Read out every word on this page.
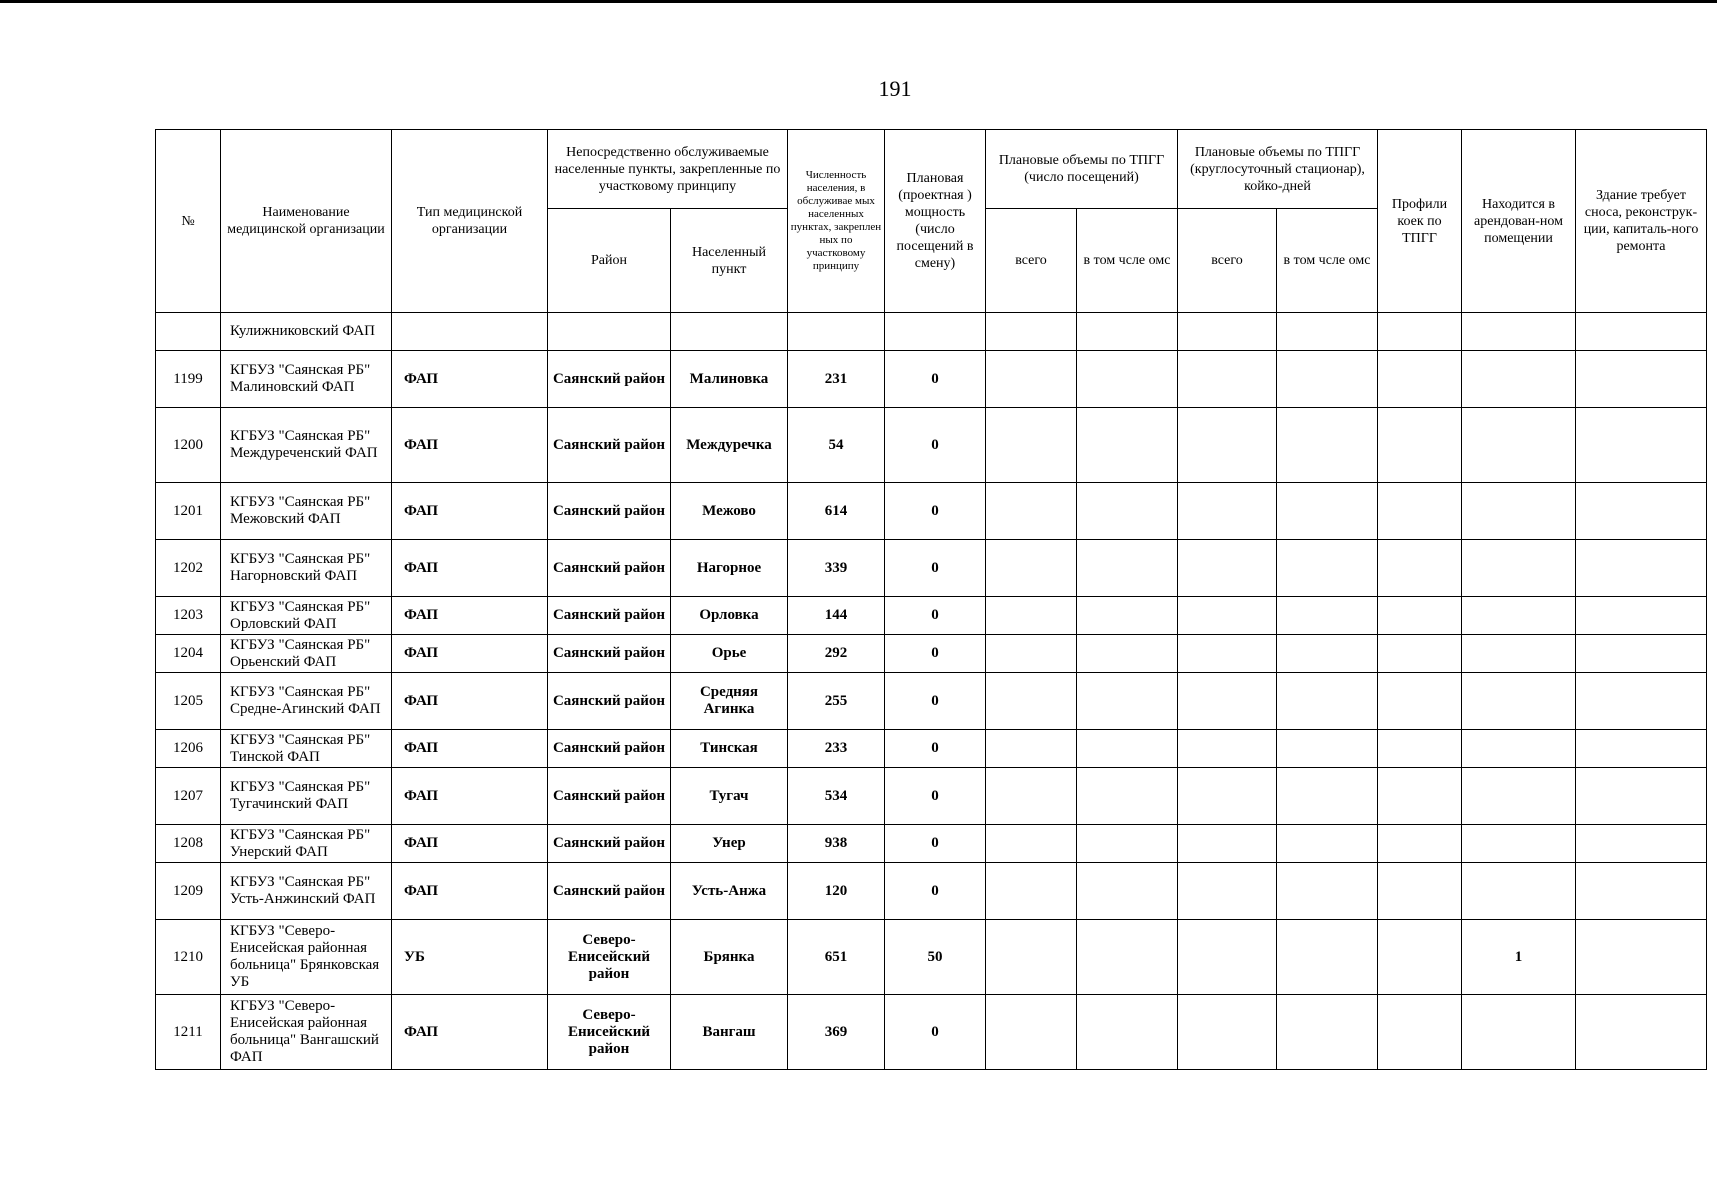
191
№	Наименование медицинской организации	Тип медицинской организации	Непосредственно обслуживаемые населенные пункты, закрепленные по участковому принципу		Численность населения, в обслуживае мых населенных пунктах, закреплен ных по участковому принципу	Плановая (проектная ) мощность (число посещений в смену)	Плановые объемы по ТПГГ (число посещений)		Плановые объемы по ТПГГ (круглосуточный стационар), койко-дней		Профили коек по ТПГГ	Находится в арендован-ном помещении	Здание требует сноса, реконструк-ции, капиталь-ного ремонта
			Район	Населенный пункт			всего	в том чсле омс	всего	в том чсле омс			
	Кулижниковский ФАП												
1199	КГБУЗ "Саянская РБ" Малиновский ФАП	ФАП	Саянский район	Малиновка	231	0							
1200	КГБУЗ "Саянская РБ" Междуреченский ФАП	ФАП	Саянский район	Междуречка	54	0							
1201	КГБУЗ "Саянская РБ" Межовский ФАП	ФАП	Саянский район	Межово	614	0							
1202	КГБУЗ "Саянская РБ" Нагорновский ФАП	ФАП	Саянский район	Нагорное	339	0							
1203	КГБУЗ "Саянская РБ" Орловский ФАП	ФАП	Саянский район	Орловка	144	0							
1204	КГБУЗ "Саянская РБ" Орьенский ФАП	ФАП	Саянский район	Орье	292	0							
1205	КГБУЗ "Саянская РБ" Средне-Агинский ФАП	ФАП	Саянский район	Средняя Агинка	255	0							
1206	КГБУЗ "Саянская РБ" Тинской ФАП	ФАП	Саянский район	Тинская	233	0							
1207	КГБУЗ "Саянская РБ" Тугачинский ФАП	ФАП	Саянский район	Тугач	534	0							
1208	КГБУЗ "Саянская РБ" Унерский ФАП	ФАП	Саянский район	Унер	938	0							
1209	КГБУЗ "Саянская РБ" Усть-Анжинский ФАП	ФАП	Саянский район	Усть-Анжа	120	0							
1210	КГБУЗ "Северо-Енисейская районная больница" Брянковская УБ	УБ	Северо-Енисейский район	Брянка	651	50						1	
1211	КГБУЗ "Северо-Енисейская районная больница" Вангашский ФАП	ФАП	Северо-Енисейский район	Вангаш	369	0							
